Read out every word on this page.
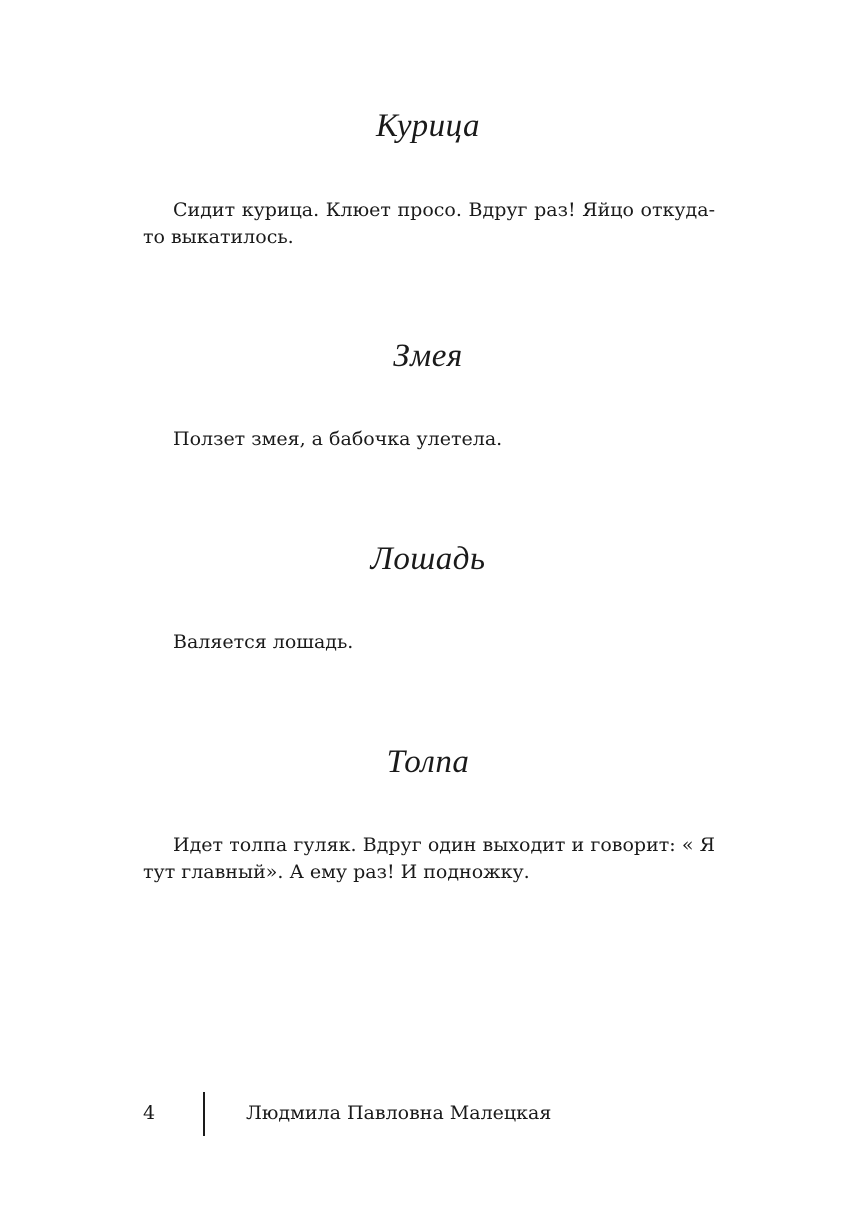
Курица

Сидит курица. Клюет просо. Вдруг раз! Яйцо откуда-то выкатилось.

Змея

Ползет змея, а бабочка улетела.

Лошадь

Валяется лошадь.

Толпа

Идет толпа гуляк. Вдруг один выходит и говорит: « Я тут главный». А ему раз! И подножку.

4	Людмила Павловна Малецкая
